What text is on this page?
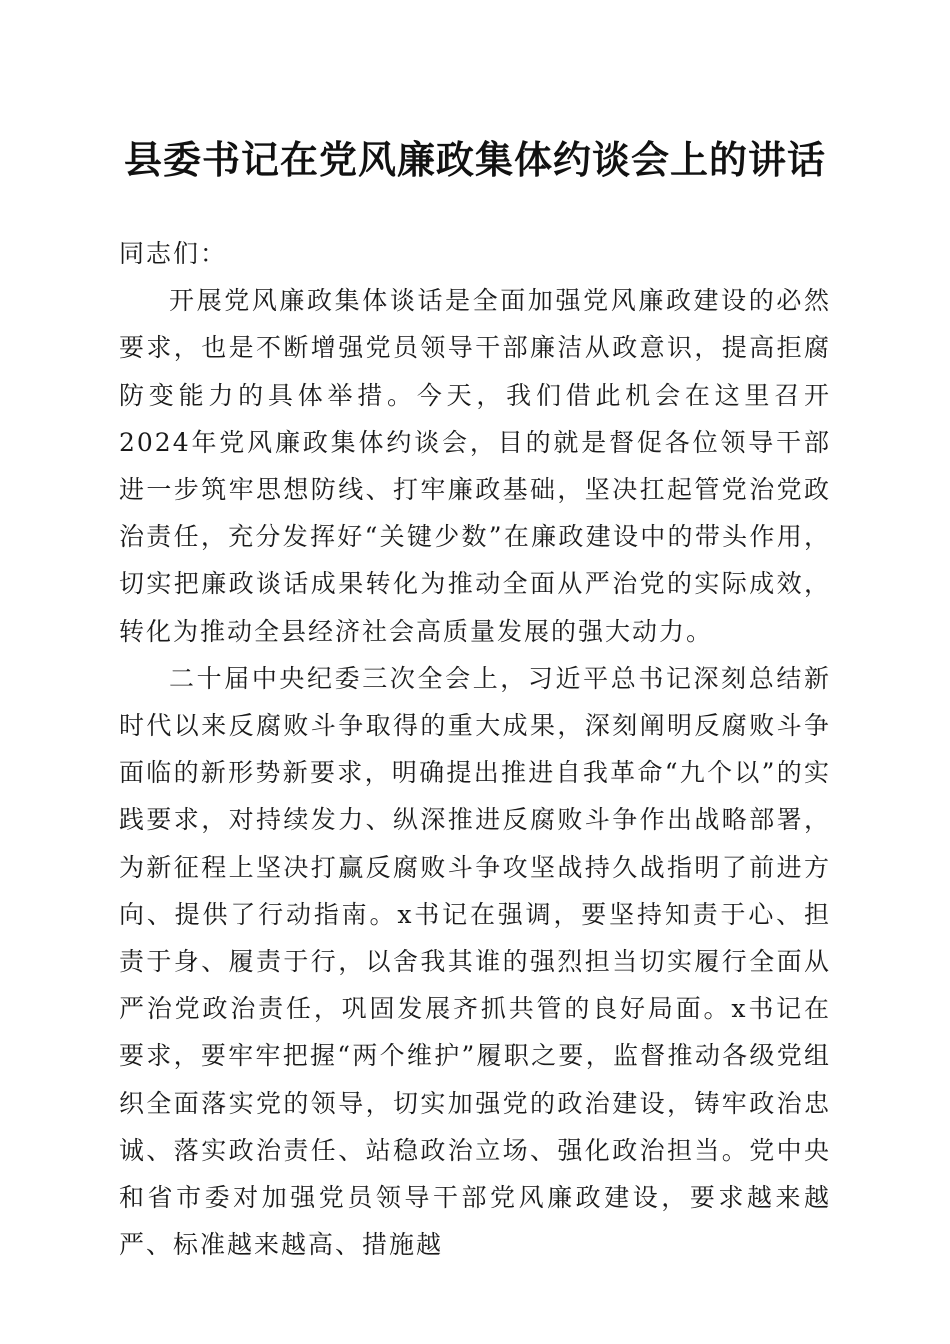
县委书记在党风廉政集体约谈会上的讲话

同志们：

开展党风廉政集体谈话是全面加强党风廉政建设的必然要求，也是不断增强党员领导干部廉洁从政意识，提高拒腐防变能力的具体举措。今天，我们借此机会在这里召开2024年党风廉政集体约谈会，目的就是督促各位领导干部进一步筑牢思想防线、打牢廉政基础，坚决扛起管党治党政治责任，充分发挥好“关键少数”在廉政建设中的带头作用，切实把廉政谈话成果转化为推动全面从严治党的实际成效，转化为推动全县经济社会高质量发展的强大动力。

二十届中央纪委三次全会上，习近平总书记深刻总结新时代以来反腐败斗争取得的重大成果，深刻阐明反腐败斗争面临的新形势新要求，明确提出推进自我革命“九个以”的实践要求，对持续发力、纵深推进反腐败斗争作出战略部署，为新征程上坚决打赢反腐败斗争攻坚战持久战指明了前进方向、提供了行动指南。x书记在强调，要坚持知责于心、担责于身、履责于行，以舍我其谁的强烈担当切实履行全面从严治党政治责任，巩固发展齐抓共管的良好局面。x书记在要求，要牢牢把握“两个维护”履职之要，监督推动各级党组织全面落实党的领导，切实加强党的政治建设，铸牢政治忠诚、落实政治责任、站稳政治立场、强化政治担当。党中央和省市委对加强党员领导干部党风廉政建设，要求越来越严、标准越来越高、措施越
